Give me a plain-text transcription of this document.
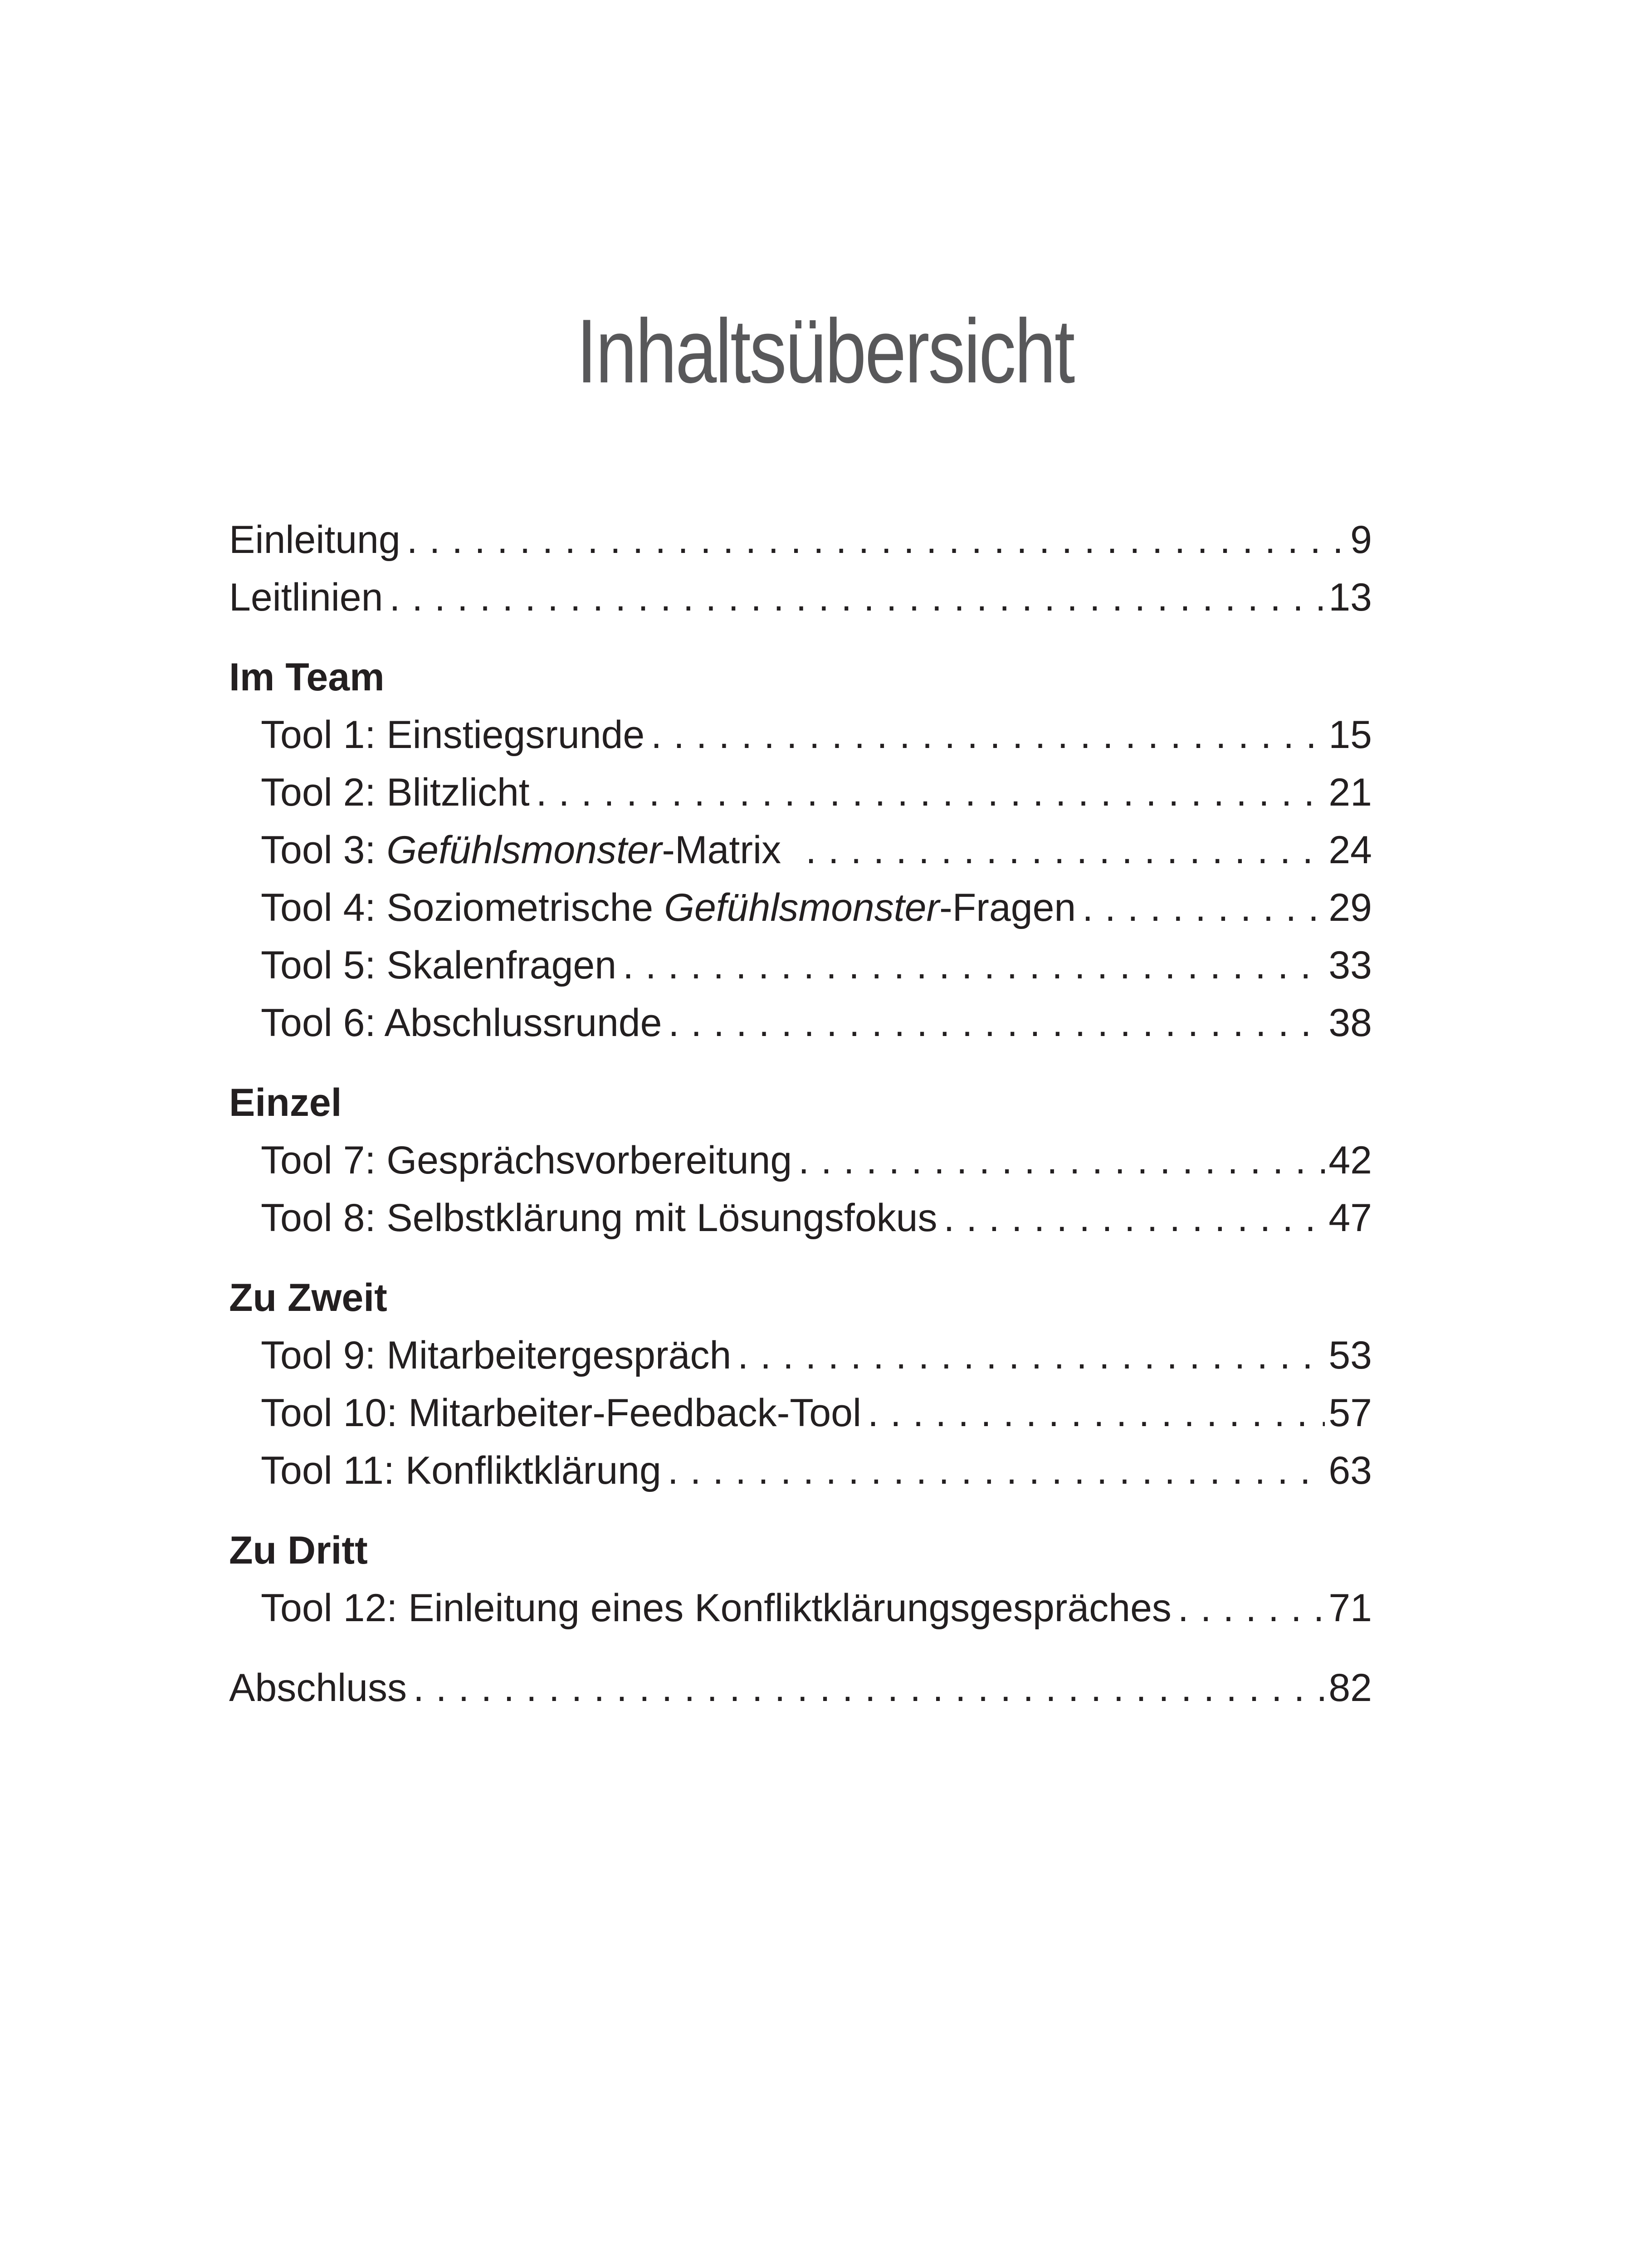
Inhaltsübersicht
Einleitung . . .	9
Leitlinien . . .	13
Im Team
Tool 1: Einstiegsrunde . . .	15
Tool 2: Blitzlicht . . .	21
Tool 3: Gefühlsmonster-Matrix . . .	24
Tool 4: Soziometrische Gefühlsmonster-Fragen . . .	29
Tool 5: Skalenfragen . . .	33
Tool 6: Abschlussrunde . . .	38
Einzel
Tool 7: Gesprächsvorbereitung . . .	42
Tool 8: Selbstklärung mit Lösungsfokus . . .	47
Zu Zweit
Tool 9: Mitarbeitergespräch . . .	53
Tool 10: Mitarbeiter-Feedback-Tool . . .	57
Tool 11: Konfliktklärung . . .	63
Zu Dritt
Tool 12: Einleitung eines Konfliktklärungsgespräches . . .	71
Abschluss . . .	82
